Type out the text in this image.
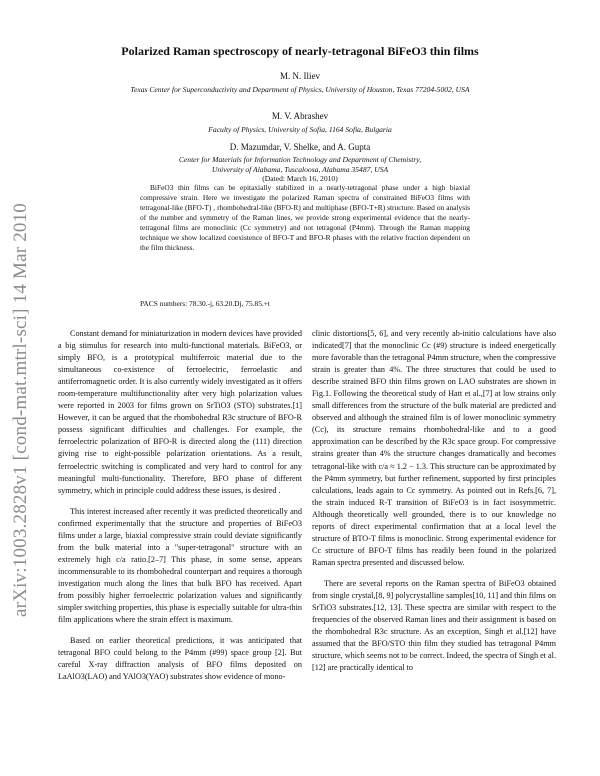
arXiv:1003.2828v1 [cond-mat.mtrl-sci] 14 Mar 2010
Polarized Raman spectroscopy of nearly-tetragonal BiFeO3 thin films
M. N. Iliev
Texas Center for Superconductivity and Department of Physics, University of Houston, Texas 77204-5002, USA
M. V. Abrashev
Faculty of Physics, University of Sofia, 1164 Sofia, Bulgaria
D. Mazumdar, V. Shelke, and A. Gupta
Center for Materials for Information Technology and Department of Chemistry,
University of Alabama, Tuscaloosa, Alabama 35487, USA
(Dated: March 16, 2010)
BiFeO3 thin films can be epitaxially stabilized in a nearly-tetragonal phase under a high biaxial compressive strain. Here we investigate the polarized Raman spectra of constrained BiFeO3 films with tetragonal-like (BFO-T) , rhombohedral-like (BFO-R) and multiphase (BFO-T+R) structure. Based on analysis of the number and symmetry of the Raman lines, we provide strong experimental evidence that the nearly-tetragonal films are monoclinic (Cc symmetry) and not tetragonal (P4mm). Through the Raman mapping technique we show localized coexistence of BFO-T and BFO-R phases with the relative fraction dependent on the film thickness.
PACS numbers: 78.30.-j, 63.20.Dj, 75.85.+t

Constant demand for miniaturization in modern devices have provided a big stimulus for research into multi-functional materials. BiFeO3, or simply BFO, is a prototypical multiferroic material due to the simultaneous co-existence of ferroelectric, ferroelastic and antiferromagnetic order. It is also currently widely investigated as it offers room-temperature multifunctionality after very high polarization values were reported in 2003 for films grown on SrTiO3 (STO) substrates.[1] However, it can be argued that the rhombohedral R3c structure of BFO-R possess significant difficulties and challenges. For example, the ferroelectric polarization of BFO-R is directed along the (111) direction giving rise to eight-possible polarization orientations. As a result, ferroelectric switching is complicated and very hard to control for any meaningful multi-functionality. Therefore, BFO phase of different symmetry, which in principle could address these issues, is desired .

This interest increased after recently it was predicted theoretically and confirmed experimentally that the structure and properties of BiFeO3 films under a large, biaxial compressive strain could deviate significantly from the bulk material into a "super-tetragonal" structure with an extremely high c/a ratio.[2–7] This phase, in some sense, appears incommensurable to its rhombohedral counterpart and requires a thorough investigation much along the lines that bulk BFO has received. Apart from possibly higher ferroelectric polarization values and significantly simpler switching properties, this phase is especially suitable for ultra-thin film applications where the strain effect is maximum.

Based on earlier theoretical predictions, it was anticipated that tetragonal BFO could belong to the P4mm (#99) space group [2]. But careful X-ray diffraction analysis of BFO films deposited on LaAlO3(LAO) and YAlO3(YAO) substrates show evidence of mono-

clinic distortions[5, 6], and very recently ab-initio calculations have also indicated[7] that the monoclinic Cc (#9) structure is indeed energetically more favorable than the tetragonal P4mm structure, when the compressive strain is greater than 4%. The three structures that could be used to describe strained BFO thin films grown on LAO substrates are shown in Fig.1. Following the theoretical study of Hatt et al.,[7] at low strains only small differences from the structure of the bulk material are predicted and observed and although the strained film is of lower monoclinic symmetry (Cc), its structure remains rhombohedral-like and to a good approximation can be described by the R3c space group. For compressive strains greater than 4% the structure changes dramatically and becomes tetragonal-like with c/a ≈ 1.2 − 1.3. This structure can be approximated by the P4mm symmetry, but further refinement, supported by first principles calculations, leads again to Cc symmetry. As pointed out in Refs.[6, 7], the strain induced R-T transition of BiFeO3 is in fact isosymmetric. Although theoretically well grounded, there is to our knowledge no reports of direct experimental confirmation that at a local level the structure of BTO-T films is monoclinic. Strong experimental evidence for Cc structure of BFO-T films has readily been found in the polarized Raman spectra presented and discussed below.

There are several reports on the Raman spectra of BiFeO3 obtained from single crystal,[8, 9] polycrystalline samples[10, 11] and thin films on SrTiO3 substrates.[12, 13]. These spectra are similar with respect to the frequencies of the observed Raman lines and their assignment is based on the rhombohedral R3c structure. As an exception, Singh et al.[12] have assumed that the BFO/STO thin film they studied has tetragonal P4mm structure, which seems not to be correct. Indeed, the spectra of Singh et al.[12] are practically identical to
